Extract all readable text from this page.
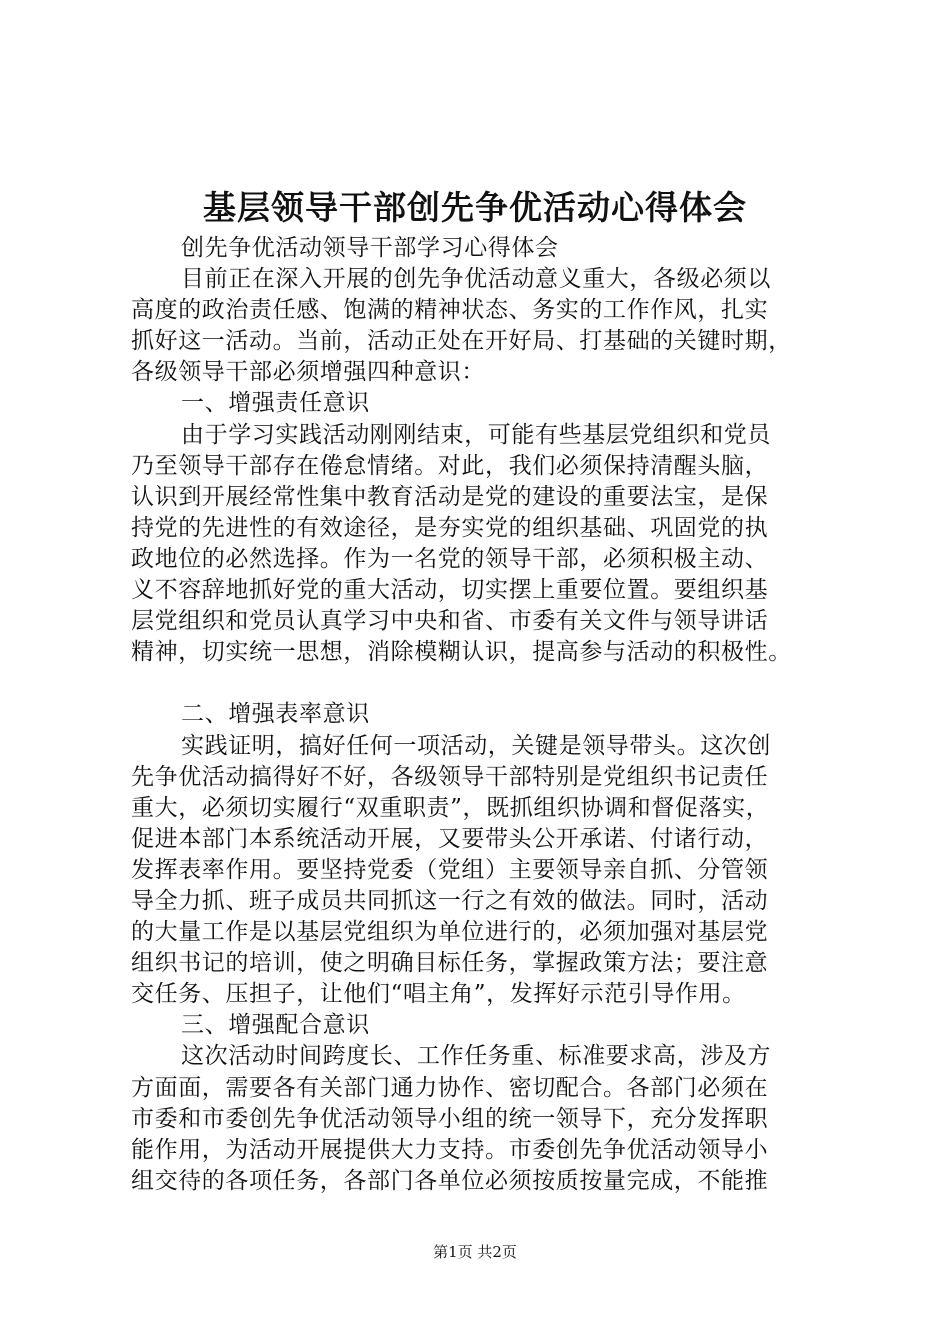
基层领导干部创先争优活动心得体会
创先争优活动领导干部学习心得体会
目前正在深入开展的创先争优活动意义重大，各级必须以
高度的政治责任感、饱满的精神状态、务实的工作作风，扎实
抓好这一活动。当前，活动正处在开好局、打基础的关键时期，
各级领导干部必须增强四种意识：
一、增强责任意识
由于学习实践活动刚刚结束，可能有些基层党组织和党员
乃至领导干部存在倦怠情绪。对此，我们必须保持清醒头脑，
认识到开展经常性集中教育活动是党的建设的重要法宝，是保
持党的先进性的有效途径，是夯实党的组织基础、巩固党的执
政地位的必然选择。作为一名党的领导干部，必须积极主动、
义不容辞地抓好党的重大活动，切实摆上重要位置。要组织基
层党组织和党员认真学习中央和省、市委有关文件与领导讲话
精神，切实统一思想，消除模糊认识，提高参与活动的积极性。
二、增强表率意识
实践证明，搞好任何一项活动，关键是领导带头。这次创
先争优活动搞得好不好，各级领导干部特别是党组织书记责任
重大，必须切实履行“双重职责”，既抓组织协调和督促落实，
促进本部门本系统活动开展，又要带头公开承诺、付诸行动，
发挥表率作用。要坚持党委（党组）主要领导亲自抓、分管领
导全力抓、班子成员共同抓这一行之有效的做法。同时，活动
的大量工作是以基层党组织为单位进行的，必须加强对基层党
组织书记的培训，使之明确目标任务，掌握政策方法；要注意
交任务、压担子，让他们“唱主角”，发挥好示范引导作用。
三、增强配合意识
这次活动时间跨度长、工作任务重、标准要求高，涉及方
方面面，需要各有关部门通力协作、密切配合。各部门必须在
市委和市委创先争优活动领导小组的统一领导下，充分发挥职
能作用，为活动开展提供大力支持。市委创先争优活动领导小
组交待的各项任务，各部门各单位必须按质按量完成，不能推
第1页 共2页
